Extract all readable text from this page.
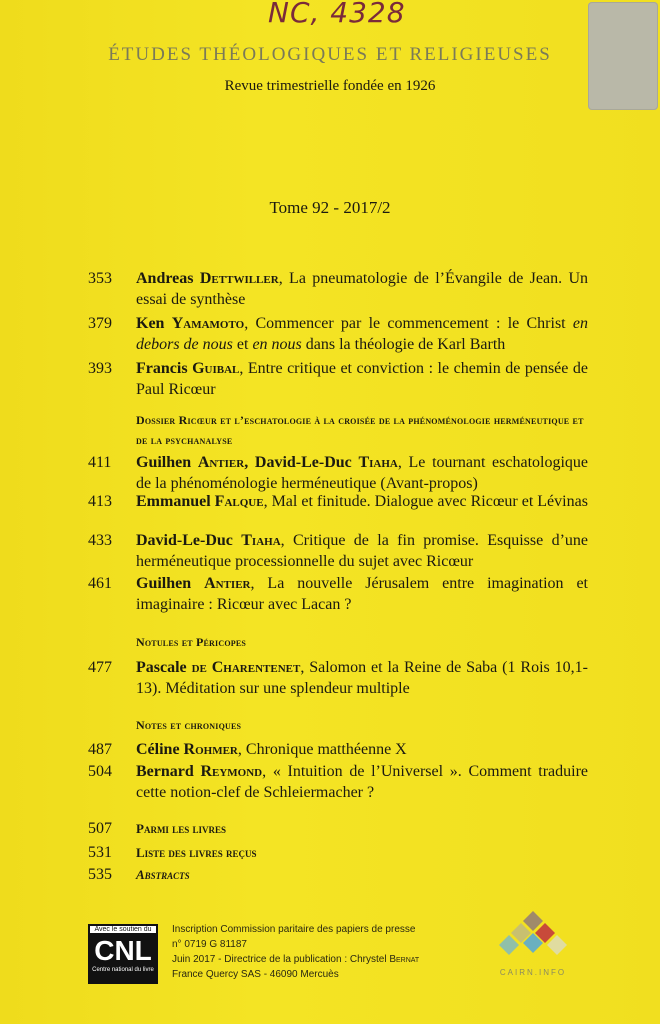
NC, 4328
ÉTUDES THÉOLOGIQUES ET RELIGIEUSES
Revue trimestrielle fondée en 1926
Tome 92 - 2017/2
353	Andreas Dettwiller, La pneumatologie de l’Évangile de Jean. Un essai de synthèse
379	Ken Yamamoto, Commencer par le commencement : le Christ en debors de nous et en nous dans la théologie de Karl Barth
393	Francis Guibal, Entre critique et conviction : le chemin de pensée de Paul Ricœur
Dossier Ricœur et l’eschatologie à la croisée de la phénoménologie herméneutique et de la psychanalyse
411	Guilhen Antier, David-Le-Duc Tiaha, Le tournant eschatologique de la phénoménologie herméneutique (Avant-propos)
413	Emmanuel Falque, Mal et finitude. Dialogue avec Ricœur et Lévinas
433	David-Le-Duc Tiaha, Critique de la fin promise. Esquisse d’une herméneutique processionnelle du sujet avec Ricœur
461	Guilhen Antier, La nouvelle Jérusalem entre imagination et imaginaire : Ricœur avec Lacan ?
Notules et Péricopes
477	Pascale de Charentenet, Salomon et la Reine de Saba (1 Rois 10,1-13). Méditation sur une splendeur multiple
Notes et chroniques
487	Céline Rohmer, Chronique matthéenne X
504	Bernard Reymond, « Intuition de l’Universel ». Comment traduire cette notion-clef de Schleiermacher ?
507 Parmi les livres
531 Liste des livres reçus
535 Abstracts
Avec le soutien du
CNL
Centre national du livre
Inscription Commission paritaire des papiers de presse
n° 0719 G 81187
Juin 2017 - Directrice de la publication : Chrystel Bernat
France Quercy SAS - 46090 Mercuès	CAIRN.INFO
